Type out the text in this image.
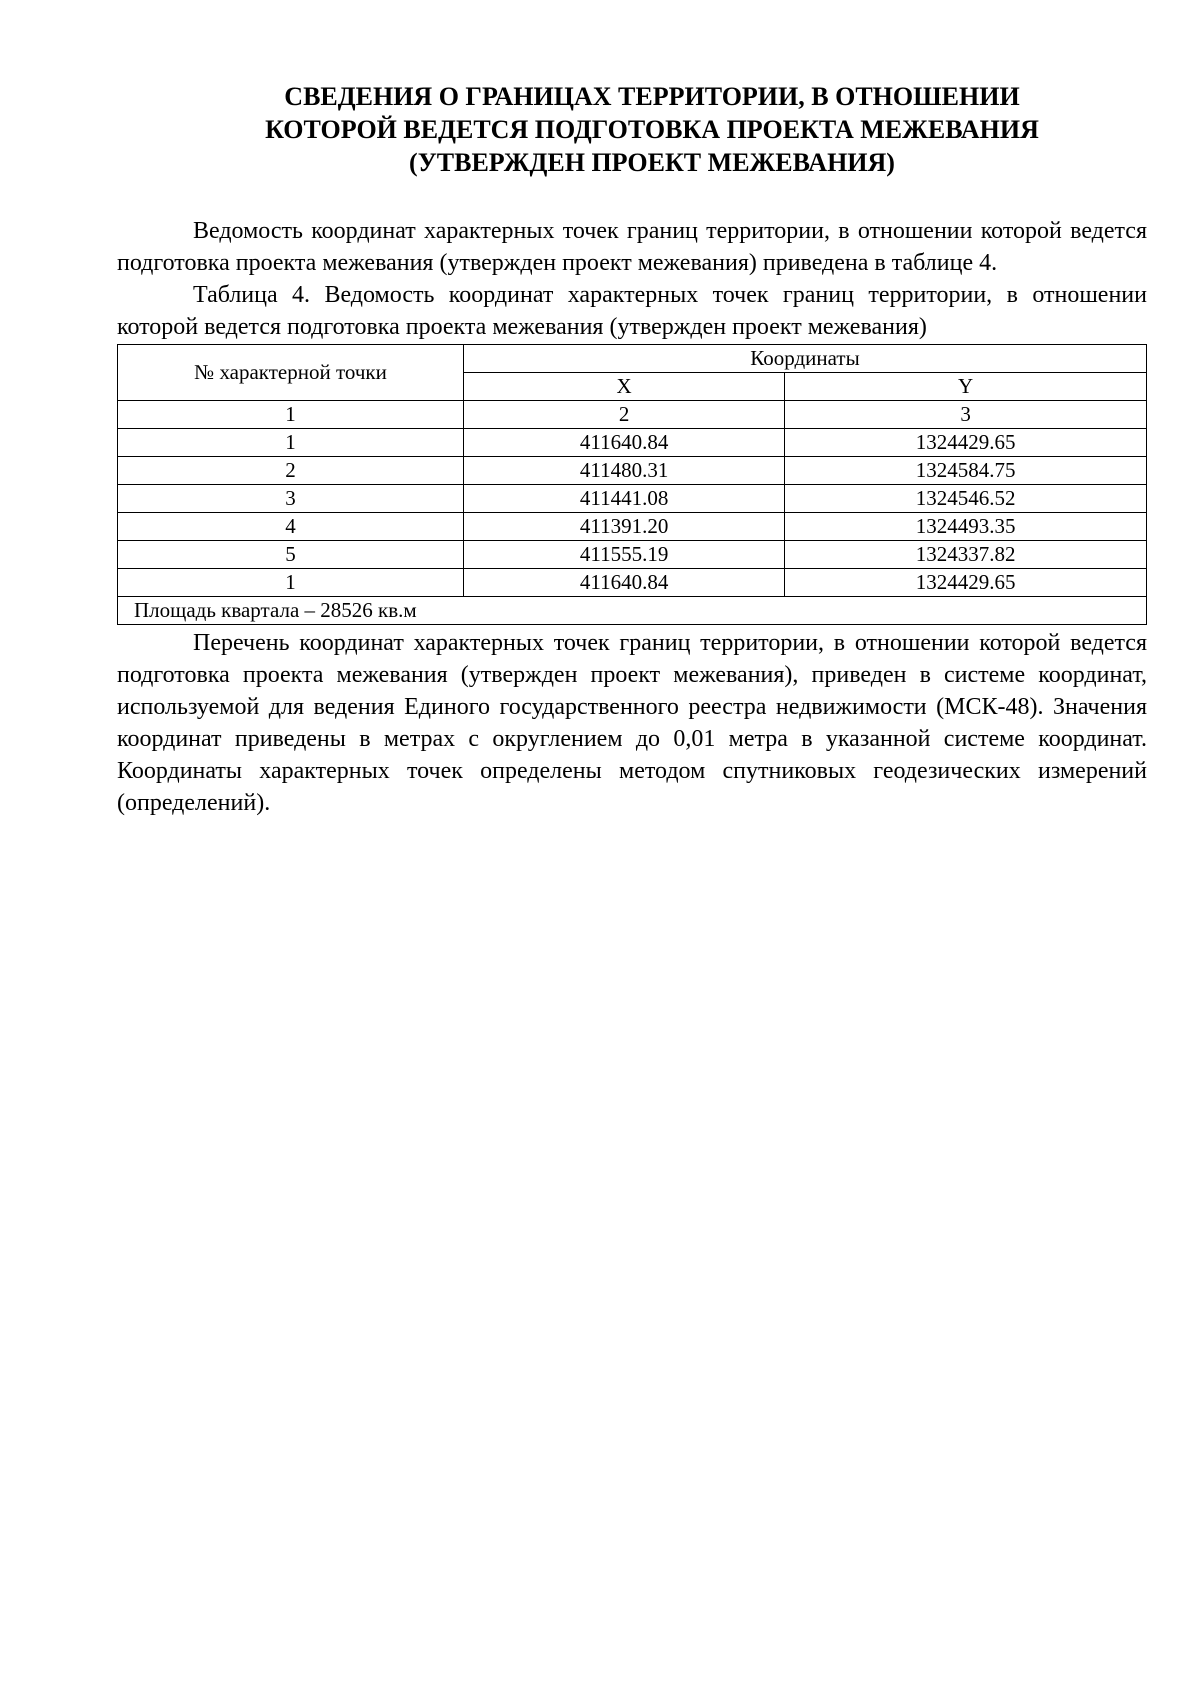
СВЕДЕНИЯ О ГРАНИЦАХ ТЕРРИТОРИИ, В ОТНОШЕНИИ
КОТОРОЙ ВЕДЕТСЯ ПОДГОТОВКА ПРОЕКТА МЕЖЕВАНИЯ
(УТВЕРЖДЕН ПРОЕКТ МЕЖЕВАНИЯ)

Ведомость координат характерных точек границ территории, в отношении которой ведется подготовка проекта межевания (утвержден проект межевания) приведена в таблице 4.

Таблица 4. Ведомость координат характерных точек границ территории, в отношении которой ведется подготовка проекта межевания (утвержден проект межевания)

№ характерной точки	Координаты	
	X	Y
1	2	3
1	411640.84	1324429.65
2	411480.31	1324584.75
3	411441.08	1324546.52
4	411391.20	1324493.35
5	411555.19	1324337.82
1	411640.84	1324429.65
Площадь квартала – 28526 кв.м		

Перечень координат характерных точек границ территории, в отношении которой ведется подготовка проекта межевания (утвержден проект межевания), приведен в системе координат, используемой для ведения Единого государственного реестра недвижимости (МСК-48). Значения координат приведены в метрах с округлением до 0,01 метра в указанной системе координат. Координаты характерных точек определены методом спутниковых геодезических измерений (определений).
